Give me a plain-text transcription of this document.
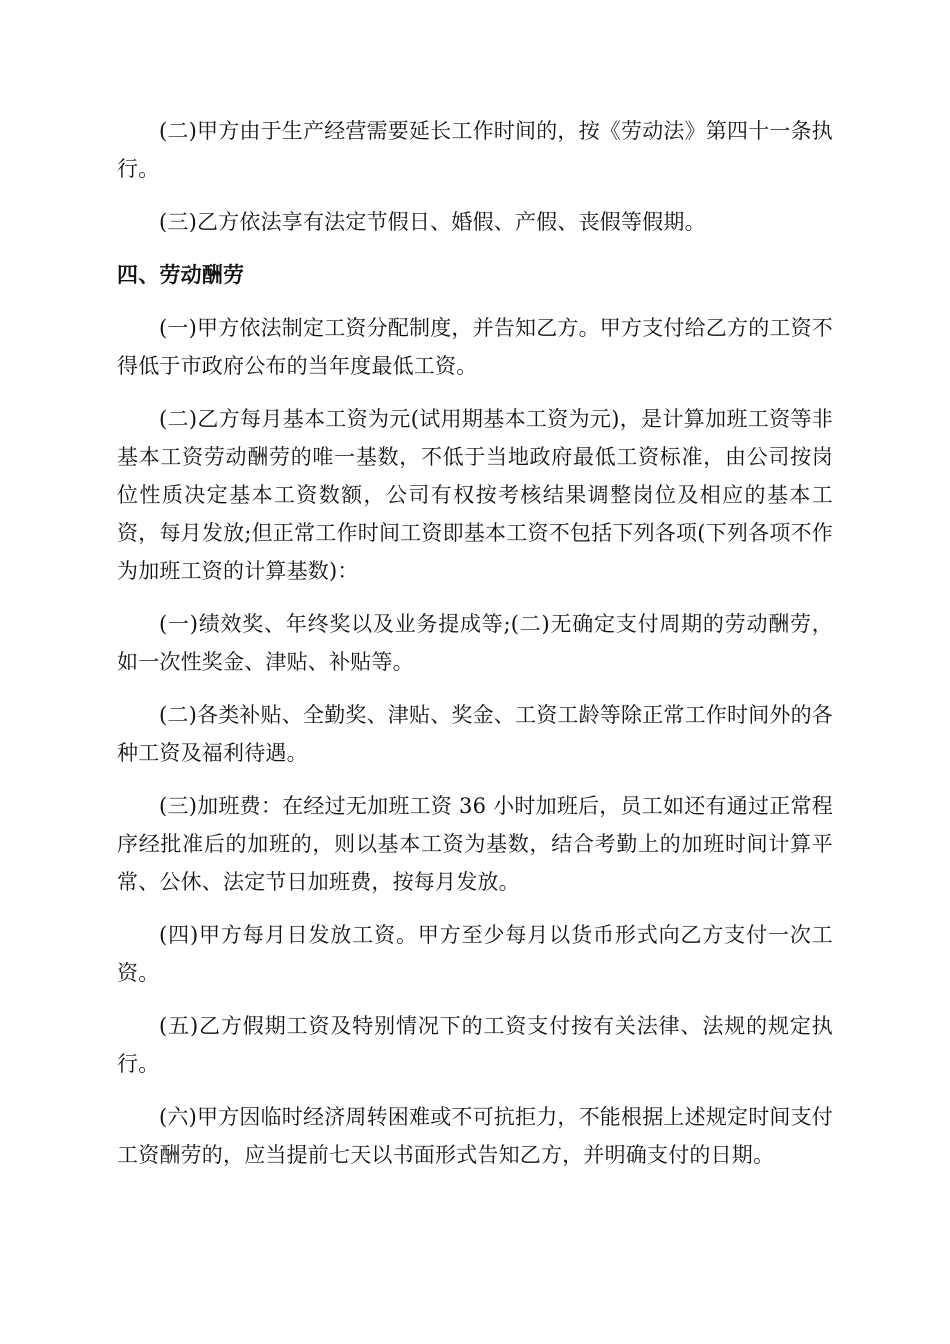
(二)甲方由于生产经营需要延长工作时间的，按《劳动法》第四十一条执行。

(三)乙方依法享有法定节假日、婚假、产假、丧假等假期。

四、劳动酬劳

(一)甲方依法制定工资分配制度，并告知乙方。甲方支付给乙方的工资不得低于市政府公布的当年度最低工资。

(二)乙方每月基本工资为元(试用期基本工资为元)，是计算加班工资等非基本工资劳动酬劳的唯一基数，不低于当地政府最低工资标准，由公司按岗位性质决定基本工资数额，公司有权按考核结果调整岗位及相应的基本工资，每月发放;但正常工作时间工资即基本工资不包括下列各项(下列各项不作为加班工资的计算基数)：

(一)绩效奖、年终奖以及业务提成等;(二)无确定支付周期的劳动酬劳，如一次性奖金、津贴、补贴等。

(二)各类补贴、全勤奖、津贴、奖金、工资工龄等除正常工作时间外的各种工资及福利待遇。

(三)加班费：在经过无加班工资 36 小时加班后，员工如还有通过正常程序经批准后的加班的，则以基本工资为基数，结合考勤上的加班时间计算平常、公休、法定节日加班费，按每月发放。

(四)甲方每月日发放工资。甲方至少每月以货币形式向乙方支付一次工资。

(五)乙方假期工资及特别情况下的工资支付按有关法律、法规的规定执行。

(六)甲方因临时经济周转困难或不可抗拒力，不能根据上述规定时间支付工资酬劳的，应当提前七天以书面形式告知乙方，并明确支付的日期。
